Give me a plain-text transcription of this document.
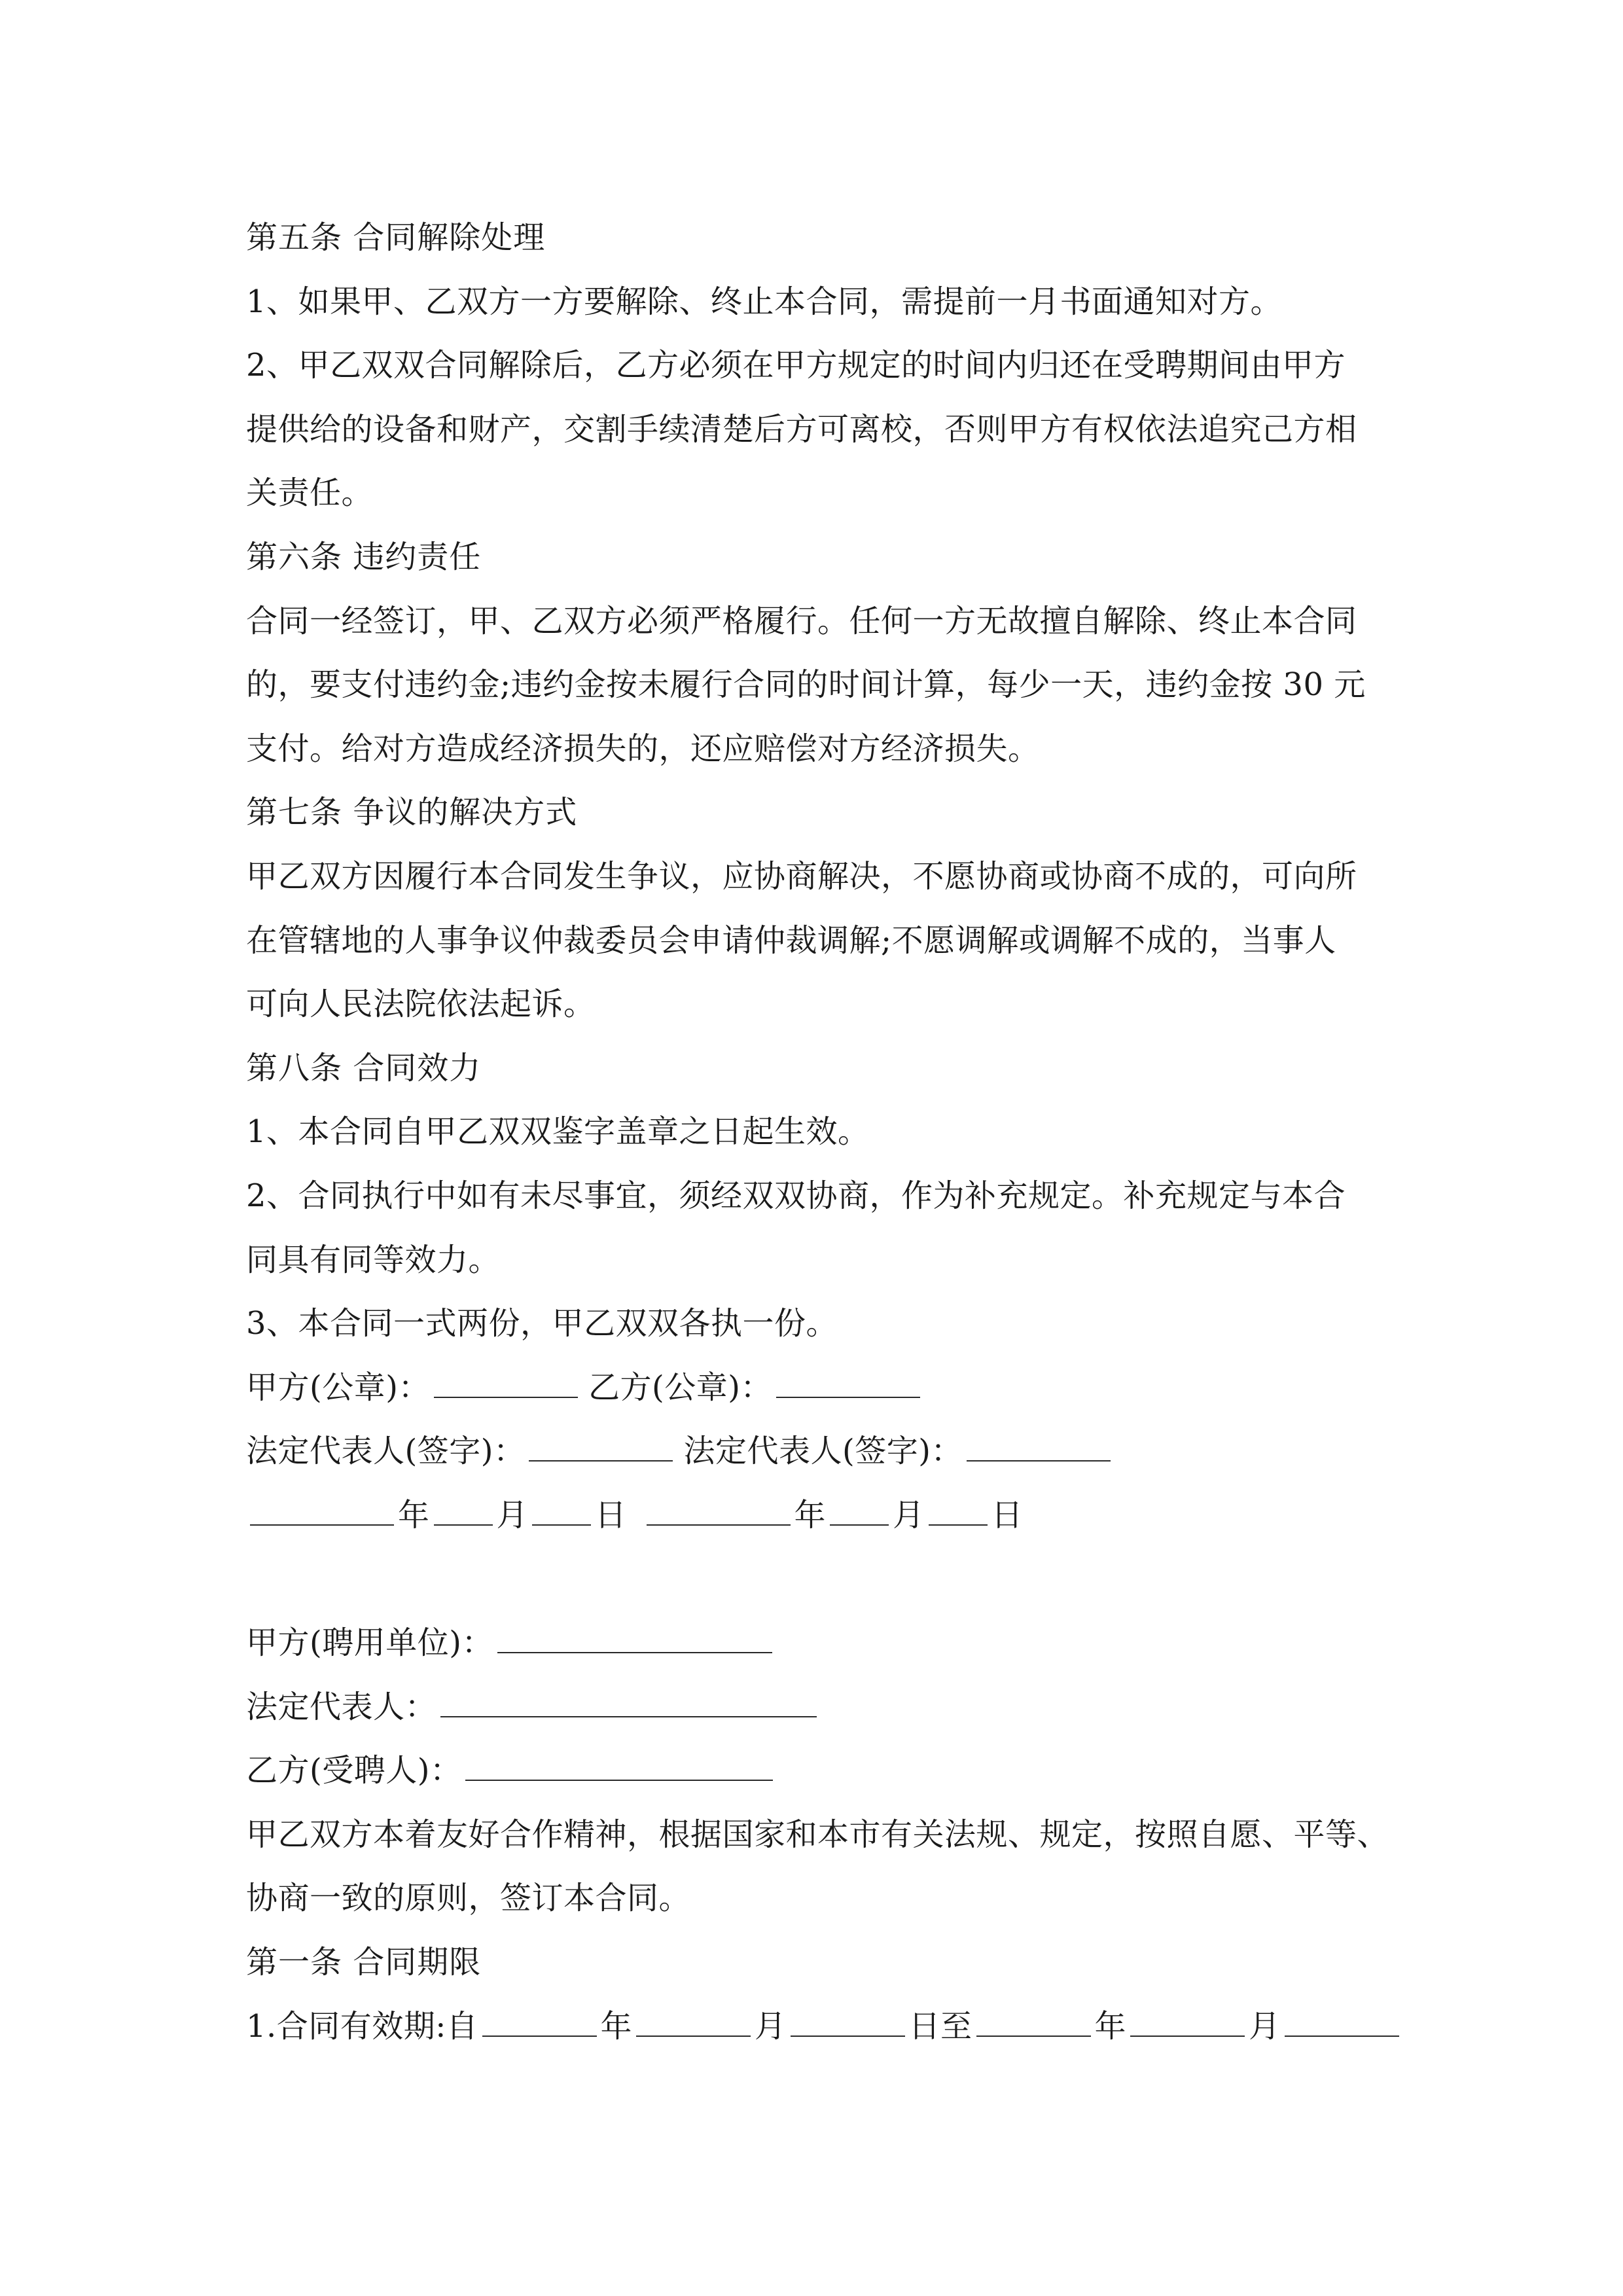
第五条 合同解除处理
1、如果甲、乙双方一方要解除、终止本合同，需提前一月书面通知对方。
2、甲乙双双合同解除后，乙方必须在甲方规定的时间内归还在受聘期间由甲方
提供给的设备和财产，交割手续清楚后方可离校，否则甲方有权依法追究己方相
关责任。
第六条 违约责任
合同一经签订，甲、乙双方必须严格履行。任何一方无故擅自解除、终止本合同
的，要支付违约金;违约金按未履行合同的时间计算，每少一天，违约金按 30 元
支付。给对方造成经济损失的，还应赔偿对方经济损失。
第七条 争议的解决方式
甲乙双方因履行本合同发生争议，应协商解决，不愿协商或协商不成的，可向所
在管辖地的人事争议仲裁委员会申请仲裁调解;不愿调解或调解不成的，当事人
可向人民法院依法起诉。
第八条 合同效力
1、本合同自甲乙双双鉴字盖章之日起生效。
2、合同执行中如有未尽事宜，须经双双协商，作为补充规定。补充规定与本合
同具有同等效力。
3、本合同一式两份，甲乙双双各执一份。
甲方(公章)：	乙方(公章)：
法定代表人(签字)：	法定代表人(签字)：
年 月 日	年 月 日
甲方(聘用单位)：
法定代表人：
乙方(受聘人)：
甲乙双方本着友好合作精神，根据国家和本市有关法规、规定，按照自愿、平等、
协商一致的原则，签订本合同。
第一条 合同期限
1.合同有效期:自	年	月	日至	年	月
